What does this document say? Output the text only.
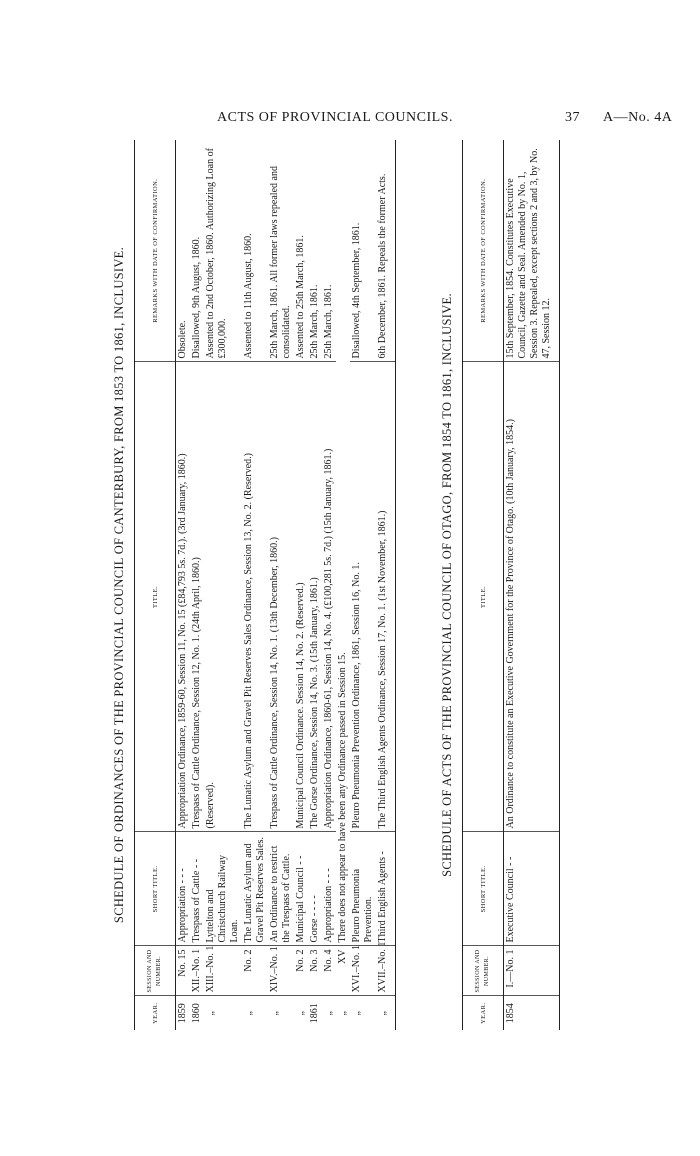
ACTS OF PROVINCIAL COUNCILS.	37 A—No. 4A
SCHEDULE OF ORDINANCES OF THE PROVINCIAL COUNCIL OF CANTERBURY, FROM 1853 TO 1861, INCLUSIVE.
YEAR.	SESSION AND NUMBER.	SHORT TITLE.	TITLE.	REMARKS WITH DATE OF CONFIRMATION.
1859	No. 15	Appropriation - - -	Appropriation Ordinance, 1859-60, Session 11, No. 15 (£84,793 5s. 7d.). (3rd January, 1860.)	Obsolete.
1860	XII.–No. 1	Trespass of Cattle - -	Trespass of Cattle Ordinance, Session 12, No. 1. (24th April, 1860.)	Disallowed, 9th August, 1860.
„	XIII.–No. 1	Lyttelton and Christchurch Railway Loan.	(Reserved).	Assented to 2nd October, 1860. Authorizing Loan of £300,000.
„	No. 2	The Lunatic Asylum and Gravel Pit Reserves Sales.	The Lunatic Asylum and Gravel Pit Reserves Sales Ordinance, Session 13, No. 2. (Reserved.)	Assented to 11th August, 1860.
„	XIV.–No. 1	An Ordinance to restrict the Trespass of Cattle.	Trespass of Cattle Ordinance, Session 14, No. 1. (13th December, 1860.)	25th March, 1861. All former laws repealed and consolidated.
„	No. 2	Municipal Council - -	Municipal Council Ordinance. Session 14, No. 2. (Reserved.)	Assented to 25th March, 1861.
1861	No. 3	Gorse - - - -	The Gorse Ordinance, Session 14, No. 3. (15th January, 1861.)	25th March, 1861.
„	No. 4	Appropriation - - -	Appropriation Ordinance, 1860-61, Session 14, No. 4. (£100,281 5s. 7d.) (15th January, 1861.)	25th March, 1861.
„	XV	There does not appear to have been any Ordinance passed in Session 15.		
„	XVI.–No. 1	Pleuro Pneumonia Prevention.	Pleuro Pneumonia Prevention Ordinance, 1861, Session 16, No. 1.	Disallowed, 4th September, 1861.
„	XVII.–No. 1	Third English Agents -	The Third English Agents Ordinance, Session 17, No. 1. (1st November, 1861.)	6th December, 1861. Repeals the former Acts.
SCHEDULE OF ACTS OF THE PROVINCIAL COUNCIL OF OTAGO, FROM 1854 TO 1861, INCLUSIVE.
YEAR.	SESSION AND NUMBER.	SHORT TITLE.	TITLE.	REMARKS WITH DATE OF CONFIRMATION.
1854	I.—No. 1	Executive Council - -	An Ordinance to constitute an Executive Government for the Province of Otago. (10th January, 1854.)	15th September, 1854. Constitutes Executive Council, Gazette and Seal. Amended by No. 1, Session 3. Repealed, except sections 2 and 3, by No. 47, Session 12.
